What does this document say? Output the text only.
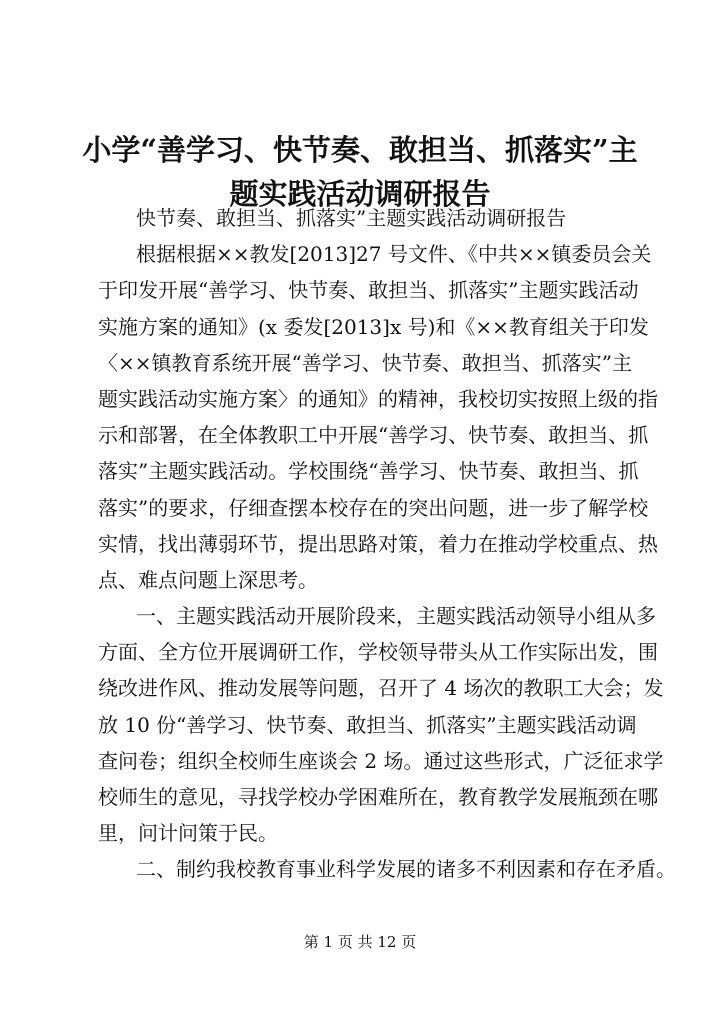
小学“善学习、快节奏、敢担当、抓落实”主
题实践活动调研报告
快节奏、敢担当、抓落实”主题实践活动调研报告
根据根据××教发[2013]27 号文件、《中共××镇委员会关
于印发开展“善学习、快节奏、敢担当、抓落实”主题实践活动
实施方案的通知》(x 委发[2013]x 号)和《××教育组关于印发
〈××镇教育系统开展“善学习、快节奏、敢担当、抓落实”主
题实践活动实施方案〉的通知》的精神，我校切实按照上级的指
示和部署，在全体教职工中开展“善学习、快节奏、敢担当、抓
落实”主题实践活动。学校围绕“善学习、快节奏、敢担当、抓
落实”的要求，仔细查摆本校存在的突出问题，进一步了解学校
实情，找出薄弱环节，提出思路对策，着力在推动学校重点、热
点、难点问题上深思考。
一、主题实践活动开展阶段来，主题实践活动领导小组从多
方面、全方位开展调研工作，学校领导带头从工作实际出发，围
绕改进作风、推动发展等问题，召开了 4 场次的教职工大会；发
放 10 份“善学习、快节奏、敢担当、抓落实”主题实践活动调
查问卷；组织全校师生座谈会 2 场。通过这些形式，广泛征求学
校师生的意见，寻找学校办学困难所在，教育教学发展瓶颈在哪
里，问计问策于民。
二、制约我校教育事业科学发展的诸多不利因素和存在矛盾。
第 1 页 共 12 页
